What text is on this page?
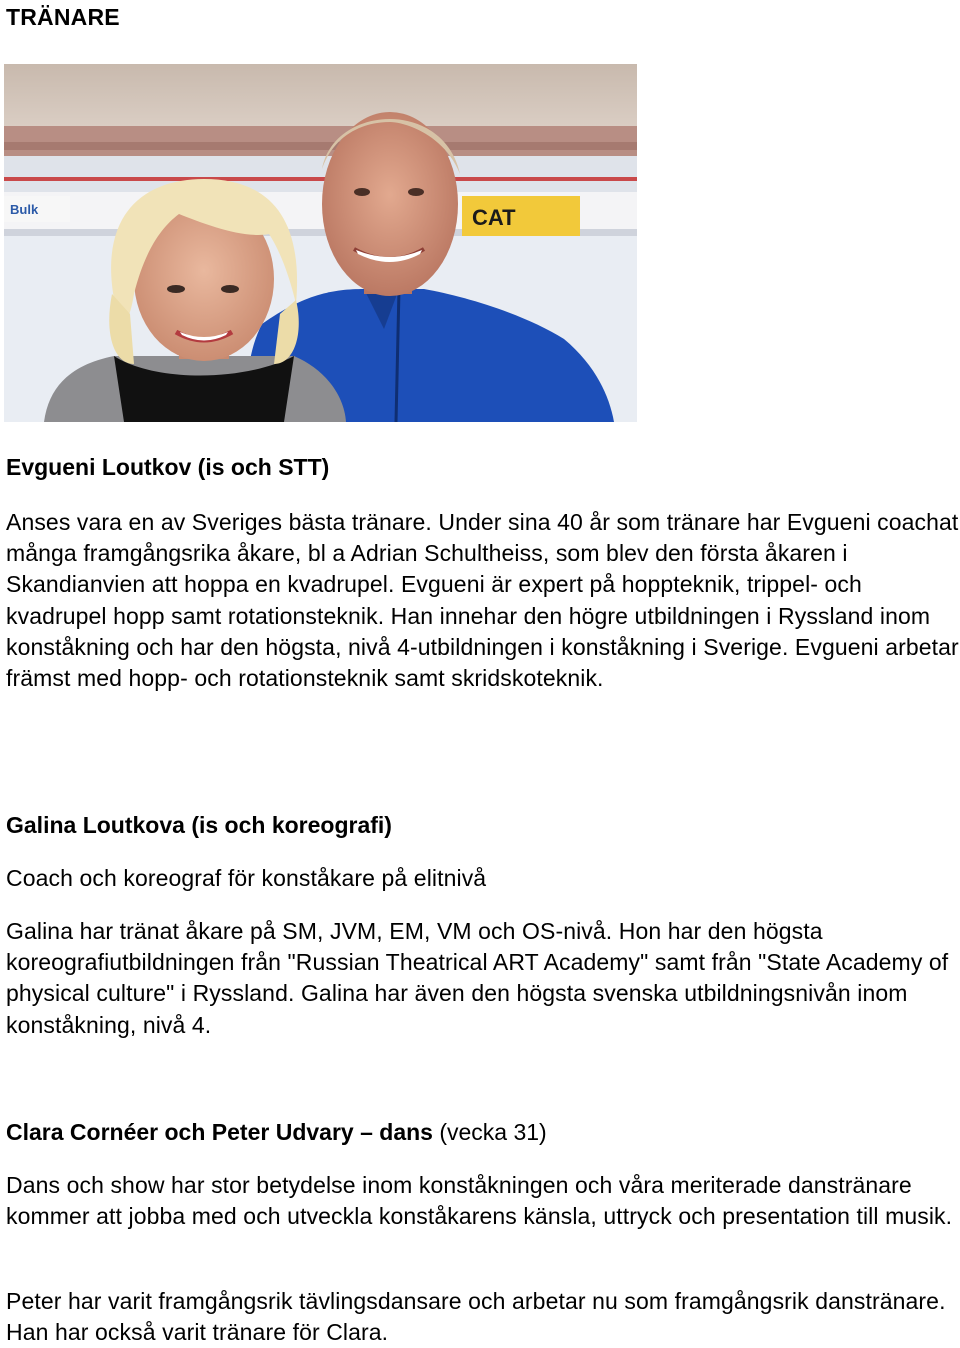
TRÄNARE
Bulk	CAT
Evgueni Loutkov (is och STT)

Anses vara en av Sveriges bästa tränare. Under sina 40 år som tränare har Evgueni coachat många framgångsrika åkare, bl a Adrian Schultheiss, som blev den första åkaren i Skandianvien att hoppa en kvadrupel. Evgueni är expert på hoppteknik, trippel- och kvadrupel hopp samt rotationsteknik. Han innehar den högre utbildningen i Ryssland inom konståkning och har den högsta, nivå 4-utbildningen i konståkning i Sverige. Evgueni arbetar främst med hopp- och rotationsteknik samt skridskoteknik.

Galina Loutkova (is och koreografi)

Coach och koreograf för konståkare på elitnivå

Galina har tränat åkare på SM, JVM, EM, VM och OS-nivå. Hon har den högsta koreografiutbildningen från "Russian Theatrical ART Academy" samt från "State Academy of physical culture" i Ryssland. Galina har även den högsta svenska utbildningsnivån inom konståkning, nivå 4.

Clara Cornéer och Peter Udvary – dans (vecka 31)

Dans och show har stor betydelse inom konståkningen och våra meriterade danstränare kommer att jobba med och utveckla konståkarens känsla, uttryck och presentation till musik.

Peter har varit framgångsrik tävlingsdansare och arbetar nu som framgångsrik danstränare. Han har också varit tränare för Clara.
